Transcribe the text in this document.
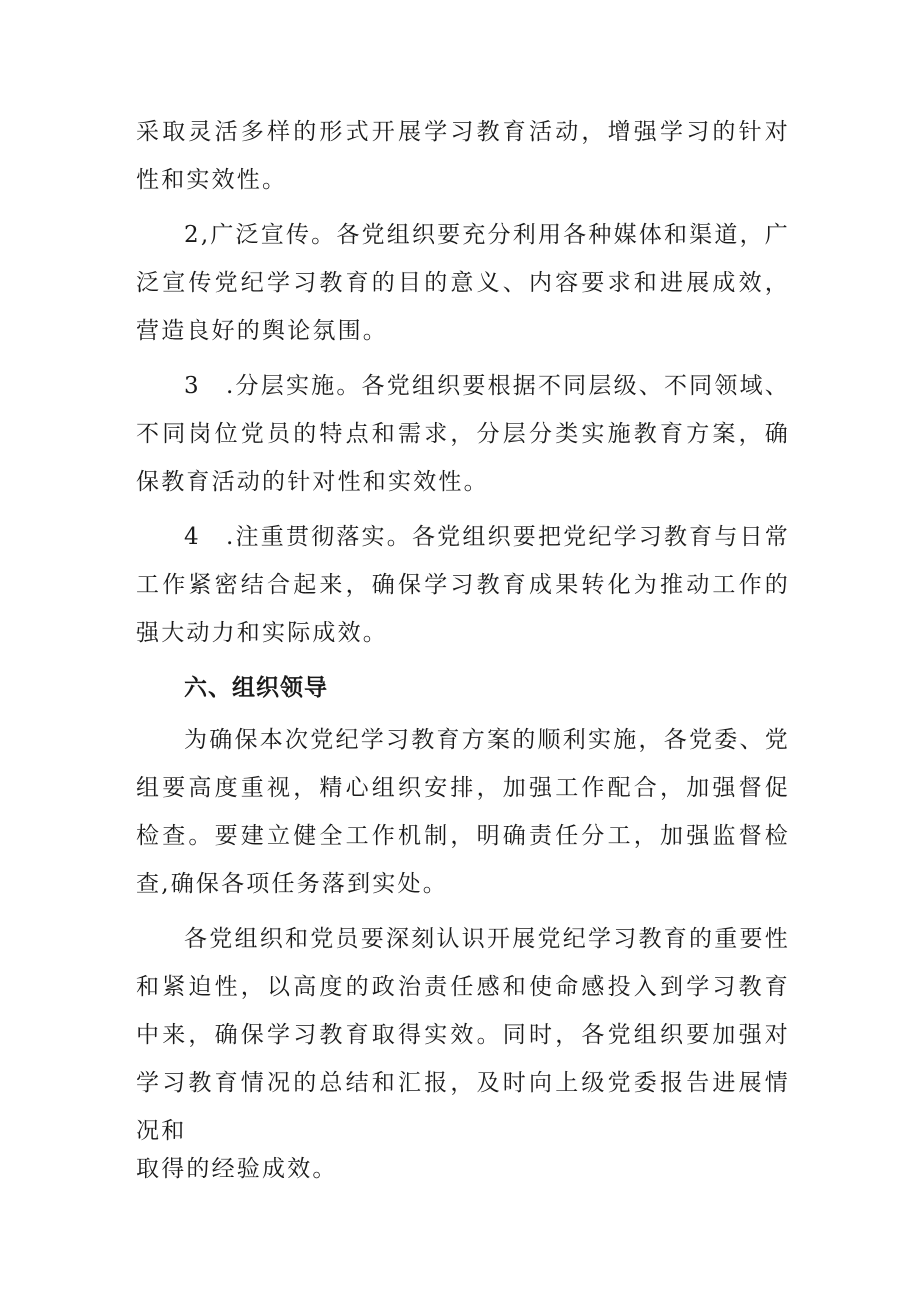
采取灵活多样的形式开展学习教育活动，增强学习的针对性和实效性。

2,广泛宣传。各党组织要充分利用各种媒体和渠道，广泛宣传党纪学习教育的目的意义、内容要求和进展成效，营造良好的舆论氛围。

3　.分层实施。各党组织要根据不同层级、不同领域、不同岗位党员的特点和需求，分层分类实施教育方案，确保教育活动的针对性和实效性。

4　.注重贯彻落实。各党组织要把党纪学习教育与日常工作紧密结合起来，确保学习教育成果转化为推动工作的强大动力和实际成效。

六、组织领导

为确保本次党纪学习教育方案的顺利实施，各党委、党组要高度重视，精心组织安排，加强工作配合，加强督促检查。要建立健全工作机制，明确责任分工，加强监督检查,确保各项任务落到实处。

各党组织和党员要深刻认识开展党纪学习教育的重要性和紧迫性，以高度的政治责任感和使命感投入到学习教育中来，确保学习教育取得实效。同时，各党组织要加强对学习教育情况的总结和汇报，及时向上级党委报告进展情况和

取得的经验成效。
